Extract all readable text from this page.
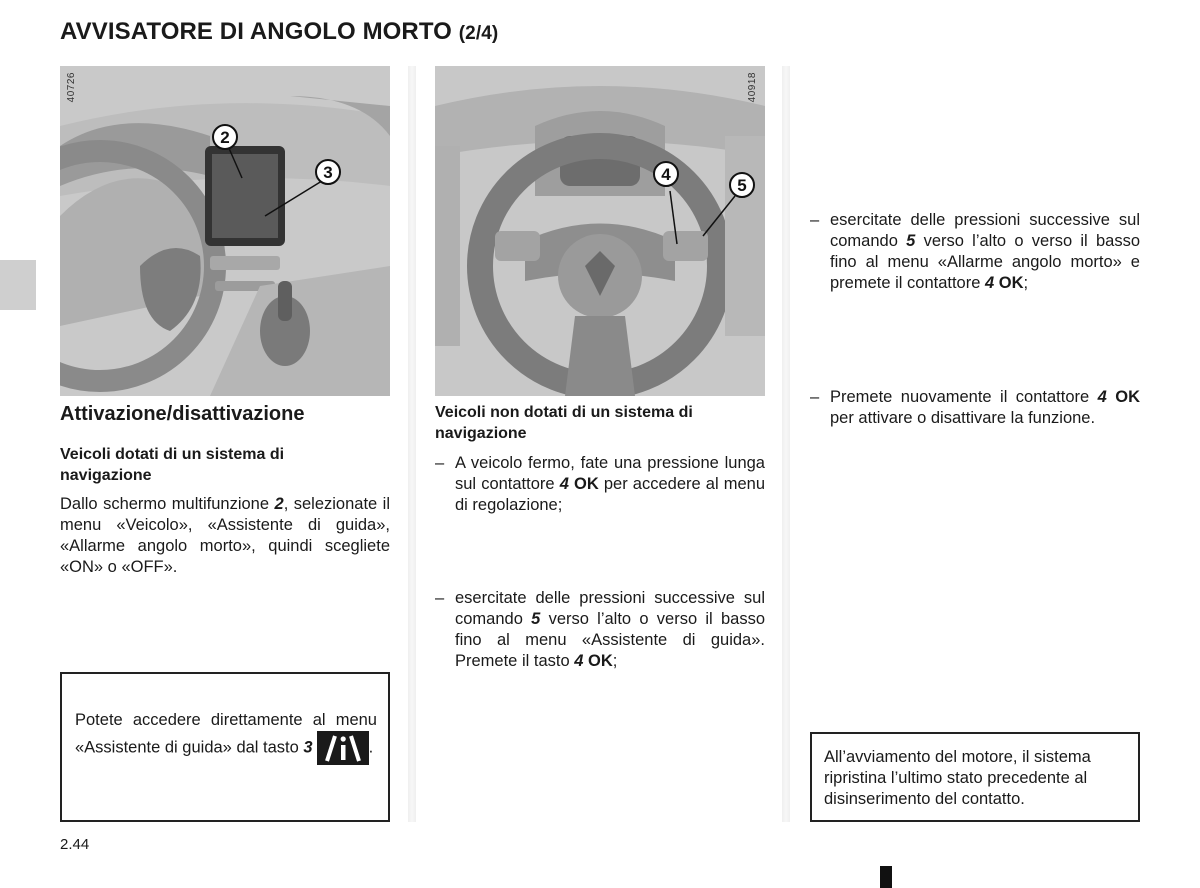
AVVISATORE DI ANGOLO MORTO (2/4)
2
3
40726
4
5
40918
Attivazione/disattivazione
Veicoli dotati di un sistema di navigazione
Dallo schermo multifunzione 2, selezionate il menu «Veicolo», «Assistente di guida», «Allarme angolo morto», quindi scegliete «ON» o «OFF».
Potete accedere direttamente al menu «Assistente di guida» dal tasto 3	.
Veicoli non dotati di un sistema di navigazione
– A veicolo fermo, fate una pressione lunga sul contattore 4 OK per accedere al menu di regolazione;
– esercitate delle pressioni successive sul comando 5 verso l’alto o verso il basso fino al menu «Assistente di guida». Premete il tasto 4 OK;
– esercitate delle pressioni successive sul comando 5 verso l’alto o verso il basso fino al menu «Allarme angolo morto» e premete il contattore 4 OK;
– Premete nuovamente il contattore 4 OK per attivare o disattivare la funzione.
All’avviamento del motore, il sistema ripristina l’ultimo stato precedente al disinserimento del contatto.
2.44
